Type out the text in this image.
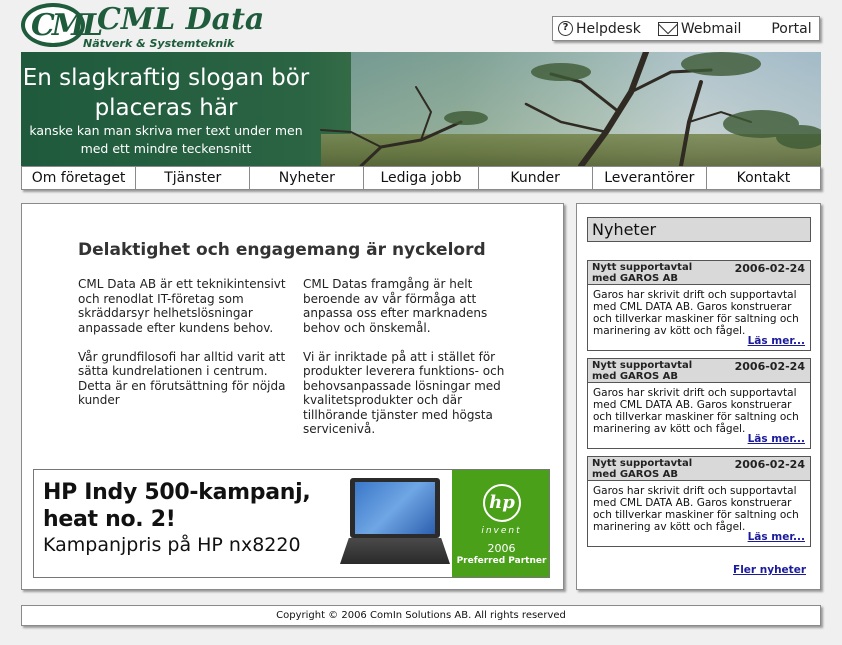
CML
CML Data
Nätverk & Systemteknik
? Helpdesk	Webmail Portal
En slagkraftig slogan bör
placeras här
kanske kan man skriva mer text under men
med ett mindre teckensnitt
Om företaget	Tjänster	Nyheter	Lediga jobb	Kunder	Leverantörer	Kontakt
Delaktighet och engagemang är nyckelord

CML Data AB är ett teknikintensivt och renodlat IT-företag som skräddarsyr helhetslösningar anpassade efter kundens behov.

Vår grundfilosofi har alltid varit att sätta kundrelationen i centrum. Detta är en förutsättning för nöjda kunder

CML Datas framgång är helt beroende av vår förmåga att anpassa oss efter marknadens behov och önskemål.

Vi är inriktade på att i stället för produkter leverera funktions- och behovsanpassade lösningar med kvalitetsprodukter och där tillhörande tjänster med högsta servicenivå.

HP Indy 500-kampanj,
heat no. 2!
Kampanjpris på HP nx8220
hp
invent
2006
Preferred Partner
Nyheter
Nytt supportavtal
med GAROS AB
2006-02-24
Garos har skrivit drift och supportavtal med CML DATA AB. Garos konstruerar och tillverkar maskiner för saltning och marinering av kött och fågel.
Läs mer...
Nytt supportavtal
med GAROS AB
2006-02-24
Garos har skrivit drift och supportavtal med CML DATA AB. Garos konstruerar och tillverkar maskiner för saltning och marinering av kött och fågel.
Läs mer...
Nytt supportavtal
med GAROS AB
2006-02-24
Garos har skrivit drift och supportavtal med CML DATA AB. Garos konstruerar och tillverkar maskiner för saltning och marinering av kött och fågel.
Läs mer...
Fler nyheter
Copyright © 2006 ComIn Solutions AB. All rights reserved
